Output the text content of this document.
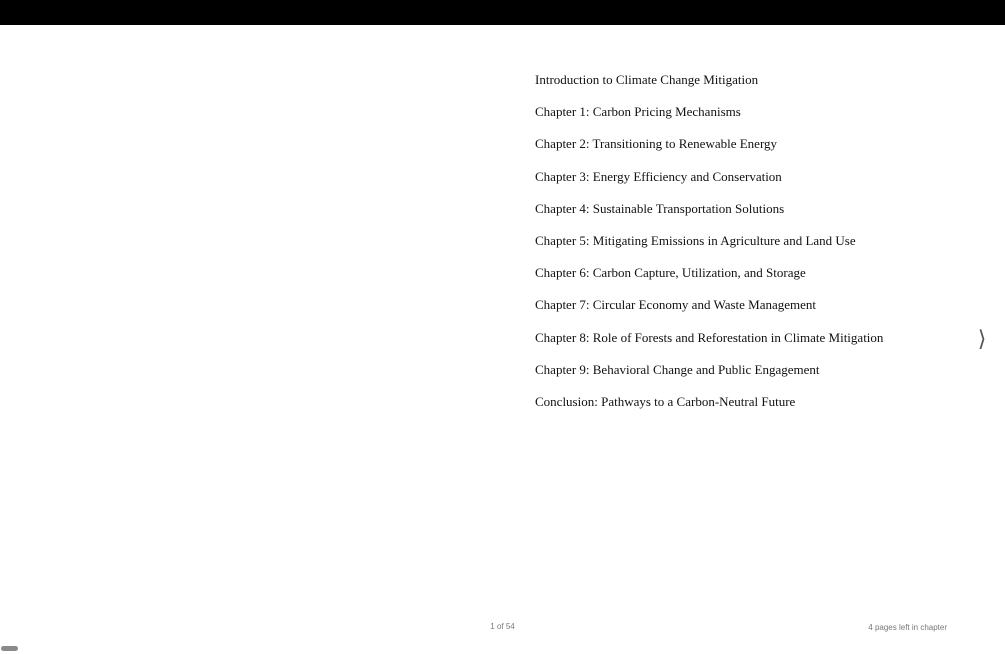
Introduction to Climate Change Mitigation
Chapter 1: Carbon Pricing Mechanisms
Chapter 2: Transitioning to Renewable Energy
Chapter 3: Energy Efficiency and Conservation
Chapter 4: Sustainable Transportation Solutions
Chapter 5: Mitigating Emissions in Agriculture and Land Use
Chapter 6: Carbon Capture, Utilization, and Storage
Chapter 7: Circular Economy and Waste Management
Chapter 8: Role of Forests and Reforestation in Climate Mitigation
Chapter 9: Behavioral Change and Public Engagement
Conclusion: Pathways to a Carbon-Neutral Future
⟩
1 of 54	4 pages left in chapter
